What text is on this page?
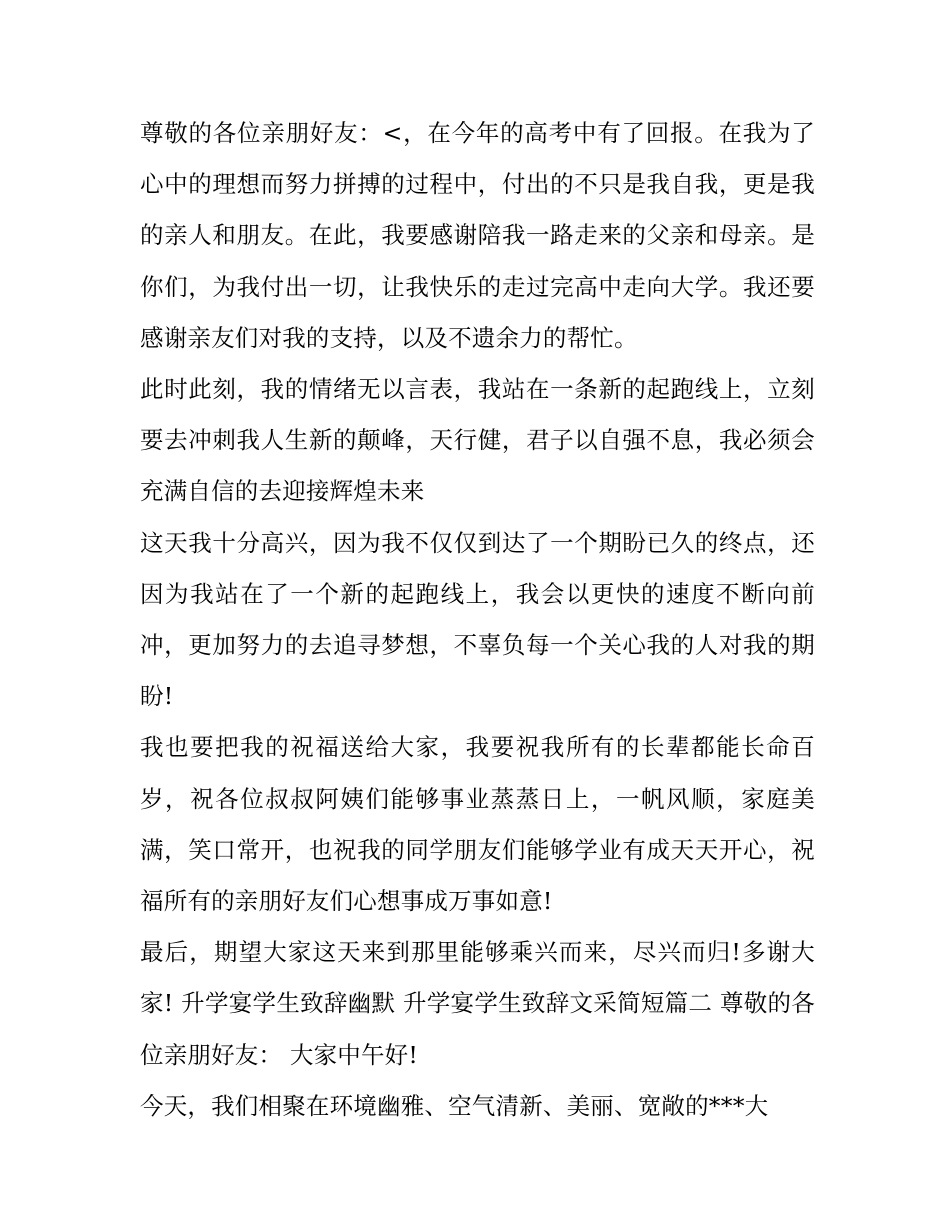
尊敬的各位亲朋好友：<，在今年的高考中有了回报。在我为了心中的理想而努力拼搏的过程中，付出的不只是我自我，更是我的亲人和朋友。在此，我要感谢陪我一路走来的父亲和母亲。是你们，为我付出一切，让我快乐的走过完高中走向大学。我还要感谢亲友们对我的支持，以及不遗余力的帮忙。

此时此刻，我的情绪无以言表，我站在一条新的起跑线上，立刻要去冲刺我人生新的颠峰，天行健，君子以自强不息，我必须会充满自信的去迎接辉煌未来

这天我十分高兴，因为我不仅仅到达了一个期盼已久的终点，还因为我站在了一个新的起跑线上，我会以更快的速度不断向前冲，更加努力的去追寻梦想，不辜负每一个关心我的人对我的期盼!

我也要把我的祝福送给大家，我要祝我所有的长辈都能长命百岁，祝各位叔叔阿姨们能够事业蒸蒸日上，一帆风顺，家庭美满，笑口常开，也祝我的同学朋友们能够学业有成天天开心，祝福所有的亲朋好友们心想事成万事如意!

最后，期望大家这天来到那里能够乘兴而来，尽兴而归!多谢大家! 升学宴学生致辞幽默 升学宴学生致辞文采简短篇二 尊敬的各位亲朋好友： 大家中午好!

今天，我们相聚在环境幽雅、空气清新、美丽、宽敞的***大
